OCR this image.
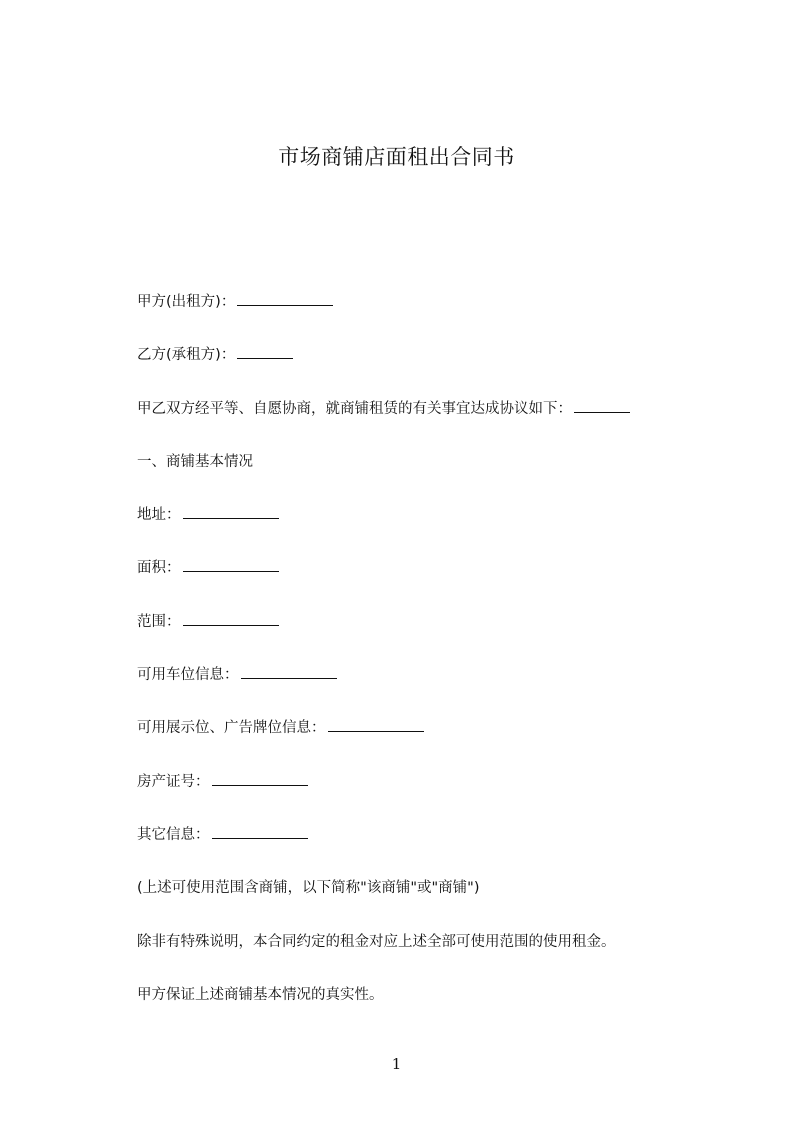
市场商铺店面租出合同书
甲方(出租方)：
乙方(承租方)：
甲乙双方经平等、自愿协商，就商铺租赁的有关事宜达成协议如下：
一、商铺基本情况
地址：
面积：
范围：
可用车位信息：
可用展示位、广告牌位信息：
房产证号：
其它信息：
(上述可使用范围含商铺，以下简称"该商铺"或"商铺")
除非有特殊说明，本合同约定的租金对应上述全部可使用范围的使用租金。
甲方保证上述商铺基本情况的真实性。
1
